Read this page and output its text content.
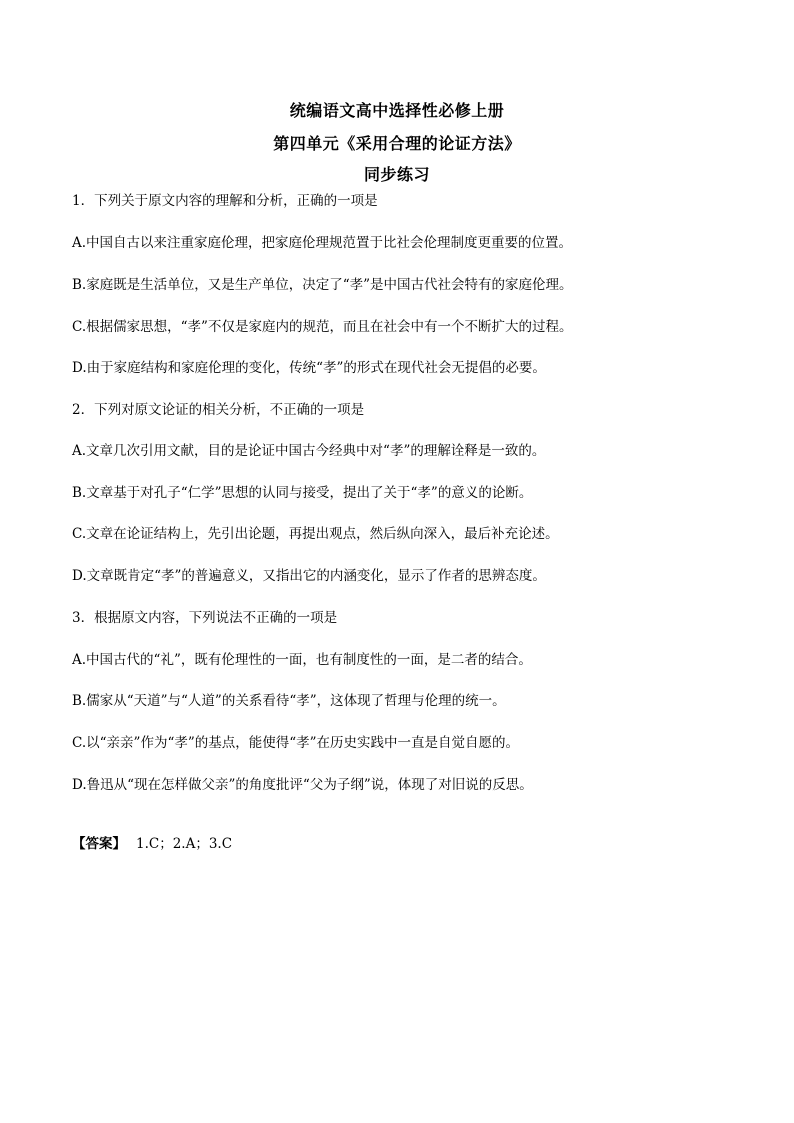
统编语文高中选择性必修上册
第四单元《采用合理的论证方法》
同步练习
1．下列关于原文内容的理解和分析，正确的一项是
A.中国自古以来注重家庭伦理，把家庭伦理规范置于比社会伦理制度更重要的位置。
B.家庭既是生活单位，又是生产单位，决定了“孝”是中国古代社会特有的家庭伦理。
C.根据儒家思想，“孝”不仅是家庭内的规范，而且在社会中有一个不断扩大的过程。
D.由于家庭结构和家庭伦理的变化，传统“孝”的形式在现代社会无提倡的必要。
2．下列对原文论证的相关分析，不正确的一项是
A.文章几次引用文献，目的是论证中国古今经典中对“孝”的理解诠释是一致的。
B.文章基于对孔子“仁学”思想的认同与接受，提出了关于“孝”的意义的论断。
C.文章在论证结构上，先引出论题，再提出观点，然后纵向深入，最后补充论述。
D.文章既肯定“孝”的普遍意义，又指出它的内涵变化，显示了作者的思辨态度。
3．根据原文内容，下列说法不正确的一项是
A.中国古代的“礼”，既有伦理性的一面，也有制度性的一面，是二者的结合。
B.儒家从“天道”与“人道”的关系看待“孝”，这体现了哲理与伦理的统一。
C.以“亲亲”作为“孝”的基点，能使得“孝”在历史实践中一直是自觉自愿的。
D.鲁迅从“现在怎样做父亲”的角度批评“父为子纲”说，体现了对旧说的反思。
【答案】 1.C；2.A；3.C
